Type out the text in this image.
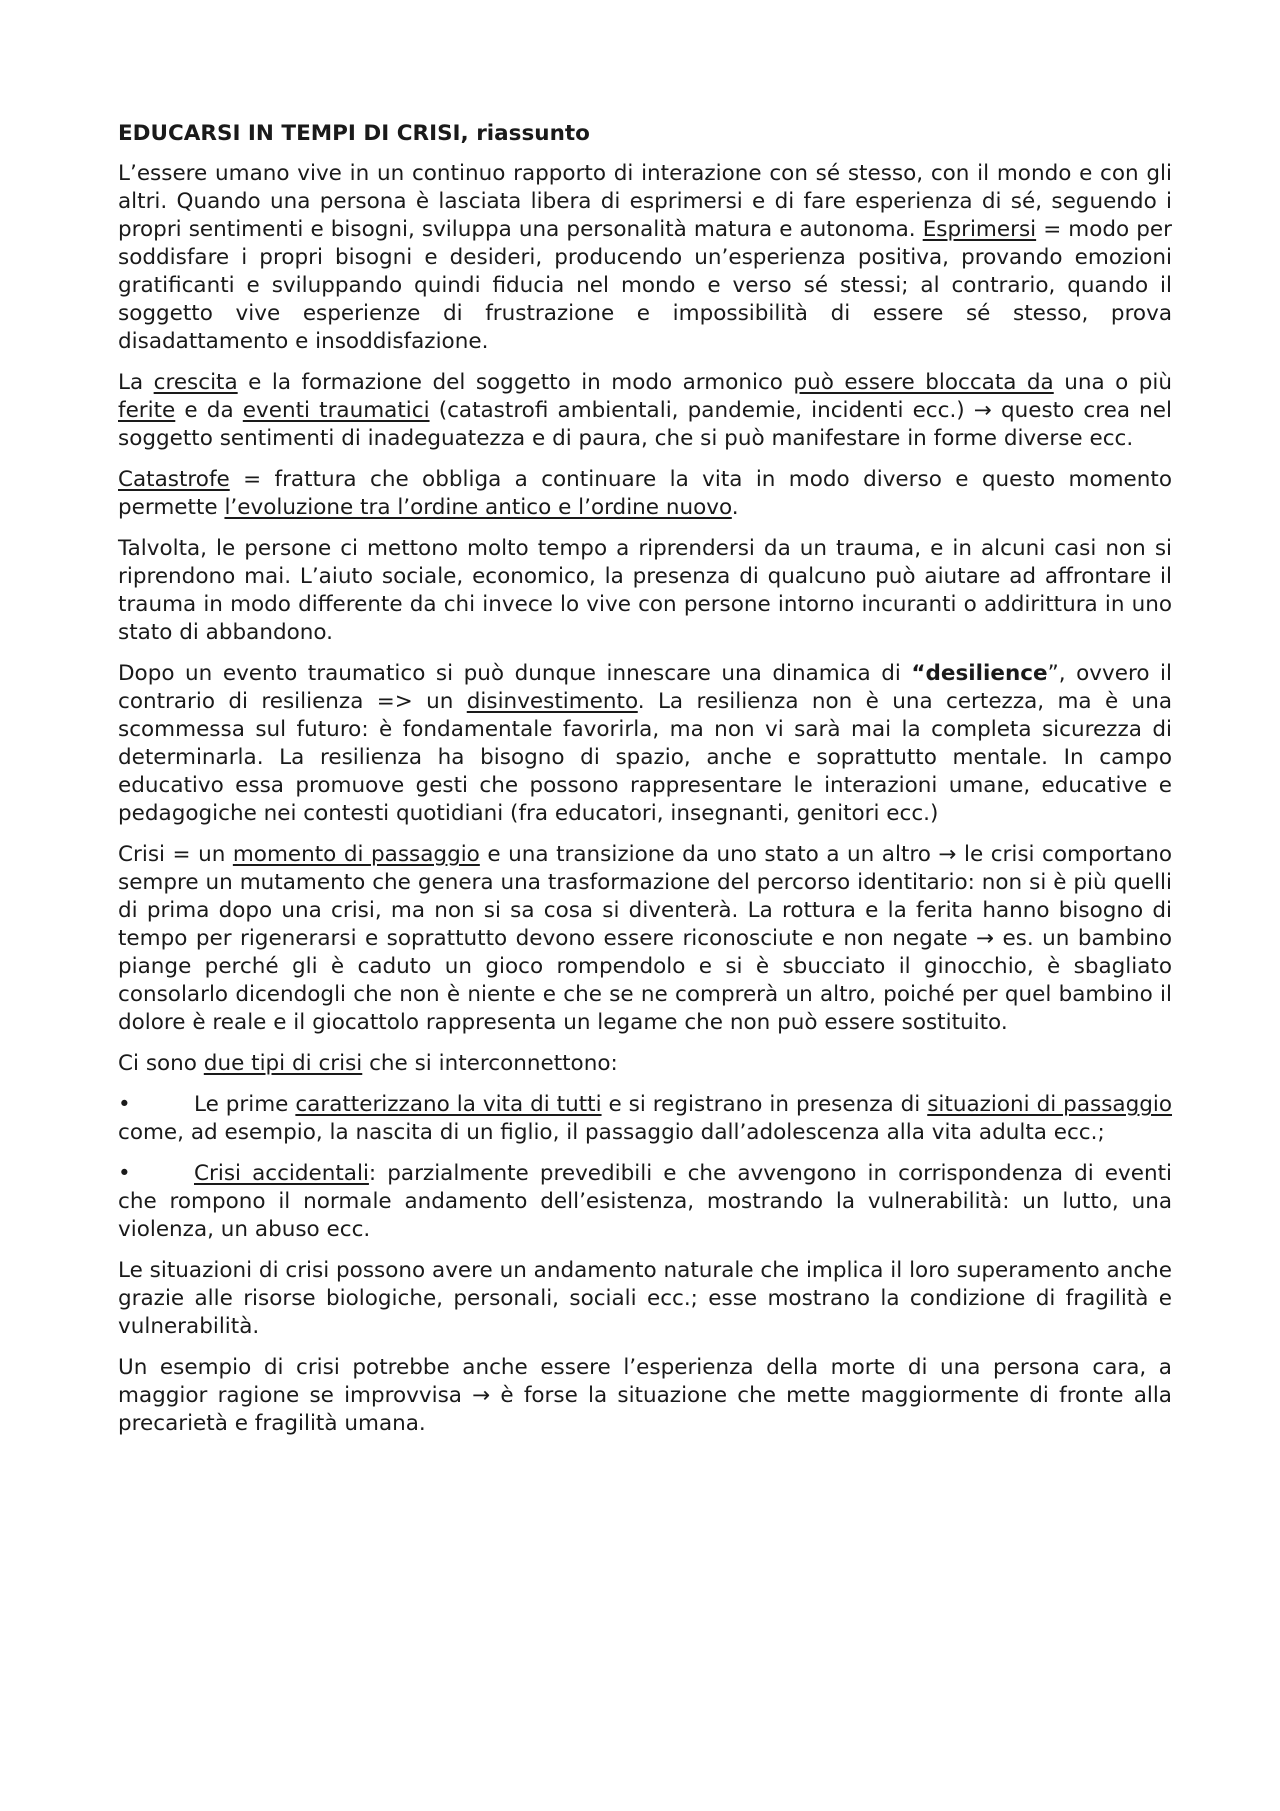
EDUCARSI IN TEMPI DI CRISI, riassunto

L’essere umano vive in un continuo rapporto di interazione con sé stesso, con il mondo e con gli altri. Quando una persona è lasciata libera di esprimersi e di fare esperienza di sé, seguendo i propri sentimenti e bisogni, sviluppa una personalità matura e autonoma. Esprimersi = modo per soddisfare i propri bisogni e desideri, producendo un’esperienza positiva, provando emozioni gratificanti e sviluppando quindi fiducia nel mondo e verso sé stessi; al contrario, quando il soggetto vive esperienze di frustrazione e impossibilità di essere sé stesso, prova disadattamento e insoddisfazione.

La crescita e la formazione del soggetto in modo armonico può essere bloccata da una o più ferite e da eventi traumatici (catastrofi ambientali, pandemie, incidenti ecc.) → questo crea nel soggetto sentimenti di inadeguatezza e di paura, che si può manifestare in forme diverse ecc.

Catastrofe = frattura che obbliga a continuare la vita in modo diverso e questo momento permette l’evoluzione tra l’ordine antico e l’ordine nuovo.

Talvolta, le persone ci mettono molto tempo a riprendersi da un trauma, e in alcuni casi non si riprendono mai. L’aiuto sociale, economico, la presenza di qualcuno può aiutare ad affrontare il trauma in modo differente da chi invece lo vive con persone intorno incuranti o addirittura in uno stato di abbandono.

Dopo un evento traumatico si può dunque innescare una dinamica di “desilience”, ovvero il contrario di resilienza => un disinvestimento. La resilienza non è una certezza, ma è una scommessa sul futuro: è fondamentale favorirla, ma non vi sarà mai la completa sicurezza di determinarla. La resilienza ha bisogno di spazio, anche e soprattutto mentale. In campo educativo essa promuove gesti che possono rappresentare le interazioni umane, educative e pedagogiche nei contesti quotidiani (fra educatori, insegnanti, genitori ecc.)

Crisi = un momento di passaggio e una transizione da uno stato a un altro → le crisi comportano sempre un mutamento che genera una trasformazione del percorso identitario: non si è più quelli di prima dopo una crisi, ma non si sa cosa si diventerà. La rottura e la ferita hanno bisogno di tempo per rigenerarsi e soprattutto devono essere riconosciute e non negate → es. un bambino piange perché gli è caduto un gioco rompendolo e si è sbucciato il ginocchio, è sbagliato consolarlo dicendogli che non è niente e che se ne comprerà un altro, poiché per quel bambino il dolore è reale e il giocattolo rappresenta un legame che non può essere sostituito.

Ci sono due tipi di crisi che si interconnettono:

•	Le prime caratterizzano la vita di tutti e si registrano in presenza di situazioni di passaggio come, ad esempio, la nascita di un figlio, il passaggio dall’adolescenza alla vita adulta ecc.;
•	Crisi accidentali: parzialmente prevedibili e che avvengono in corrispondenza di eventi che rompono il normale andamento dell’esistenza, mostrando la vulnerabilità: un lutto, una violenza, un abuso ecc.

Le situazioni di crisi possono avere un andamento naturale che implica il loro superamento anche grazie alle risorse biologiche, personali, sociali ecc.; esse mostrano la condizione di fragilità e vulnerabilità.

Un esempio di crisi potrebbe anche essere l’esperienza della morte di una persona cara, a maggior ragione se improvvisa → è forse la situazione che mette maggiormente di fronte alla precarietà e fragilità umana.
